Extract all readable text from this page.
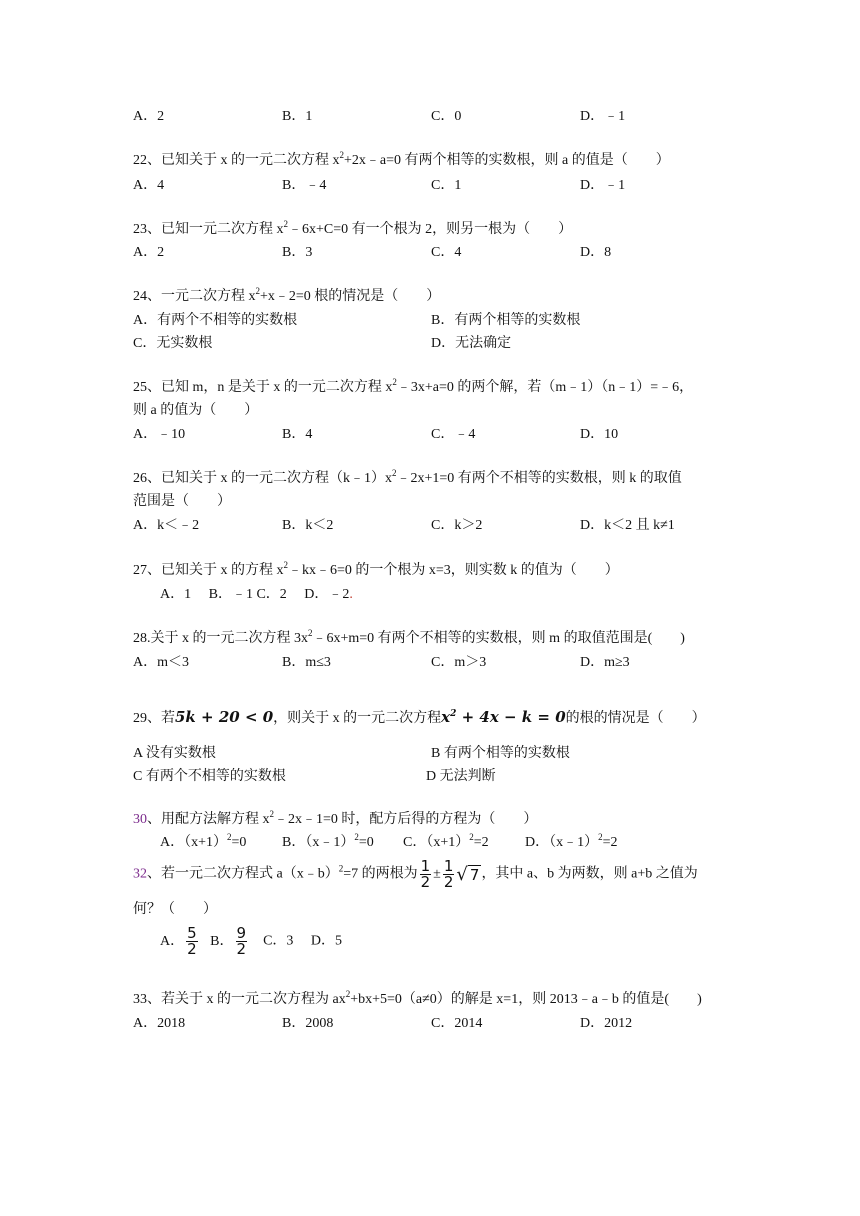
A．2	B．1	C．0	D．﹣1
22、已知关于 x 的一元二次方程 $x^2+2x﹣a=0$ 有两个相等的实数根，则 a 的值是（　　）
A．4	B．﹣4	C．1	D．﹣1
23、已知一元二次方程 $x^2﹣6x+C=0$ 有一个根为 2，则另一根为（　　）
A．2	B．3	C．4	D．8
24、一元二次方程 $x^2+x﹣2=0$ 根的情况是（　　）
A．有两个不相等的实数根	B．有两个相等的实数根
C．无实数根	D．无法确定
25、已知 m，n 是关于 x 的一元二次方程 $x^2﹣3x+a=0$ 的两个解，若（m﹣1）（n﹣1）=﹣6，
则 a 的值为（　　）
A．﹣10	B．4	C．﹣4	D．10
26、已知关于 x 的一元二次方程$(k﹣1)x^2﹣2x+1=0$ 有两个不相等的实数根，则 k 的取值
范围是（　　）
A．k＜﹣2	B．k＜2	C．k＞2	D．k＜2 且 k≠1
27、已知关于 x 的方程 $x^2﹣kx﹣6=0$ 的一个根为 x=3，则实数 k 的值为（　　）
A．1　 B．﹣1 C．2　 D．﹣2.
28.关于 x 的一元二次方程 $3x^2﹣6x+m=0$ 有两个不相等的实数根，则 m 的取值范围是(　　)
A．m＜3	B．m≤3	C．m＞3	D．m≥3
29、若5k + 20 < 0，则关于 x 的一元二次方程$x^2 + 4x - k = 0$的根的情况是（　　）
A 没有实数根	B 有两个相等的实数根
C 有两个不相等的实数根	D 无法判断
30、用配方法解方程 $x^2﹣2x﹣1=0$ 时，配方后得的方程为（　　）
A．$(x+1)^2=0$	B．（x﹣1）$^2$=0 C．$(x+1)^2=2$	D．（x﹣1）$^2$=2
32、若一元二次方程式 a（x﹣b）$^2$=7 的两根为 $\frac{1}{2} \pm \frac{1}{2}$ √ 7 ，其中 a、b 为两数，则 a+b 之值为
何？（　　）
A． $\frac{5}{2}$ B． $\frac{9}{2}$ C．3 D．5
33、若关于 x 的一元二次方程为 $ax^2+bx+5=0(a\ne 0)$的解是 x=1，则 2013﹣a﹣b 的值是(　　)
A．2018	B．2008	C．2014	D．2012
